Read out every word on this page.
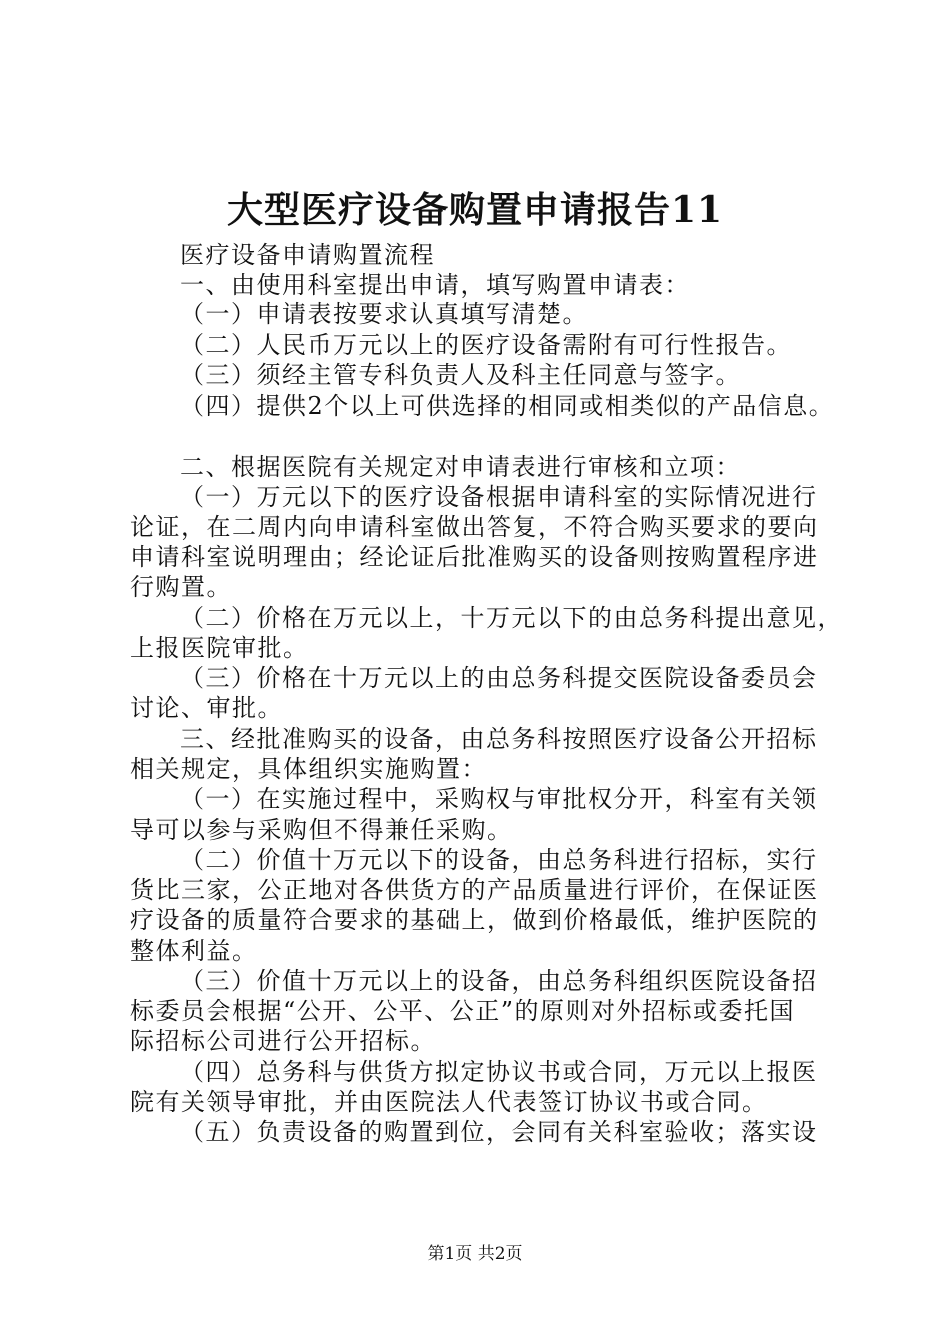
大型医疗设备购置申请报告11
医疗设备申请购置流程
一、由使用科室提出申请，填写购置申请表：
（一）申请表按要求认真填写清楚。
（二）人民币万元以上的医疗设备需附有可行性报告。
（三）须经主管专科负责人及科主任同意与签字。
（四）提供2个以上可供选择的相同或相类似的产品信息。
二、根据医院有关规定对申请表进行审核和立项：
（一）万元以下的医疗设备根据申请科室的实际情况进行
论证，在二周内向申请科室做出答复，不符合购买要求的要向
申请科室说明理由；经论证后批准购买的设备则按购置程序进
行购置。
（二）价格在万元以上，十万元以下的由总务科提出意见，
上报医院审批。
（三）价格在十万元以上的由总务科提交医院设备委员会
讨论、审批。
三、经批准购买的设备，由总务科按照医疗设备公开招标
相关规定，具体组织实施购置：
（一）在实施过程中，采购权与审批权分开，科室有关领
导可以参与采购但不得兼任采购。
（二）价值十万元以下的设备，由总务科进行招标，实行
货比三家，公正地对各供货方的产品质量进行评价，在保证医
疗设备的质量符合要求的基础上，做到价格最低，维护医院的
整体利益。
（三）价值十万元以上的设备，由总务科组织医院设备招
标委员会根据“公开、公平、公正”的原则对外招标或委托国
际招标公司进行公开招标。
（四）总务科与供货方拟定协议书或合同，万元以上报医
院有关领导审批，并由医院法人代表签订协议书或合同。
（五）负责设备的购置到位，会同有关科室验收；落实设
第1页 共2页
